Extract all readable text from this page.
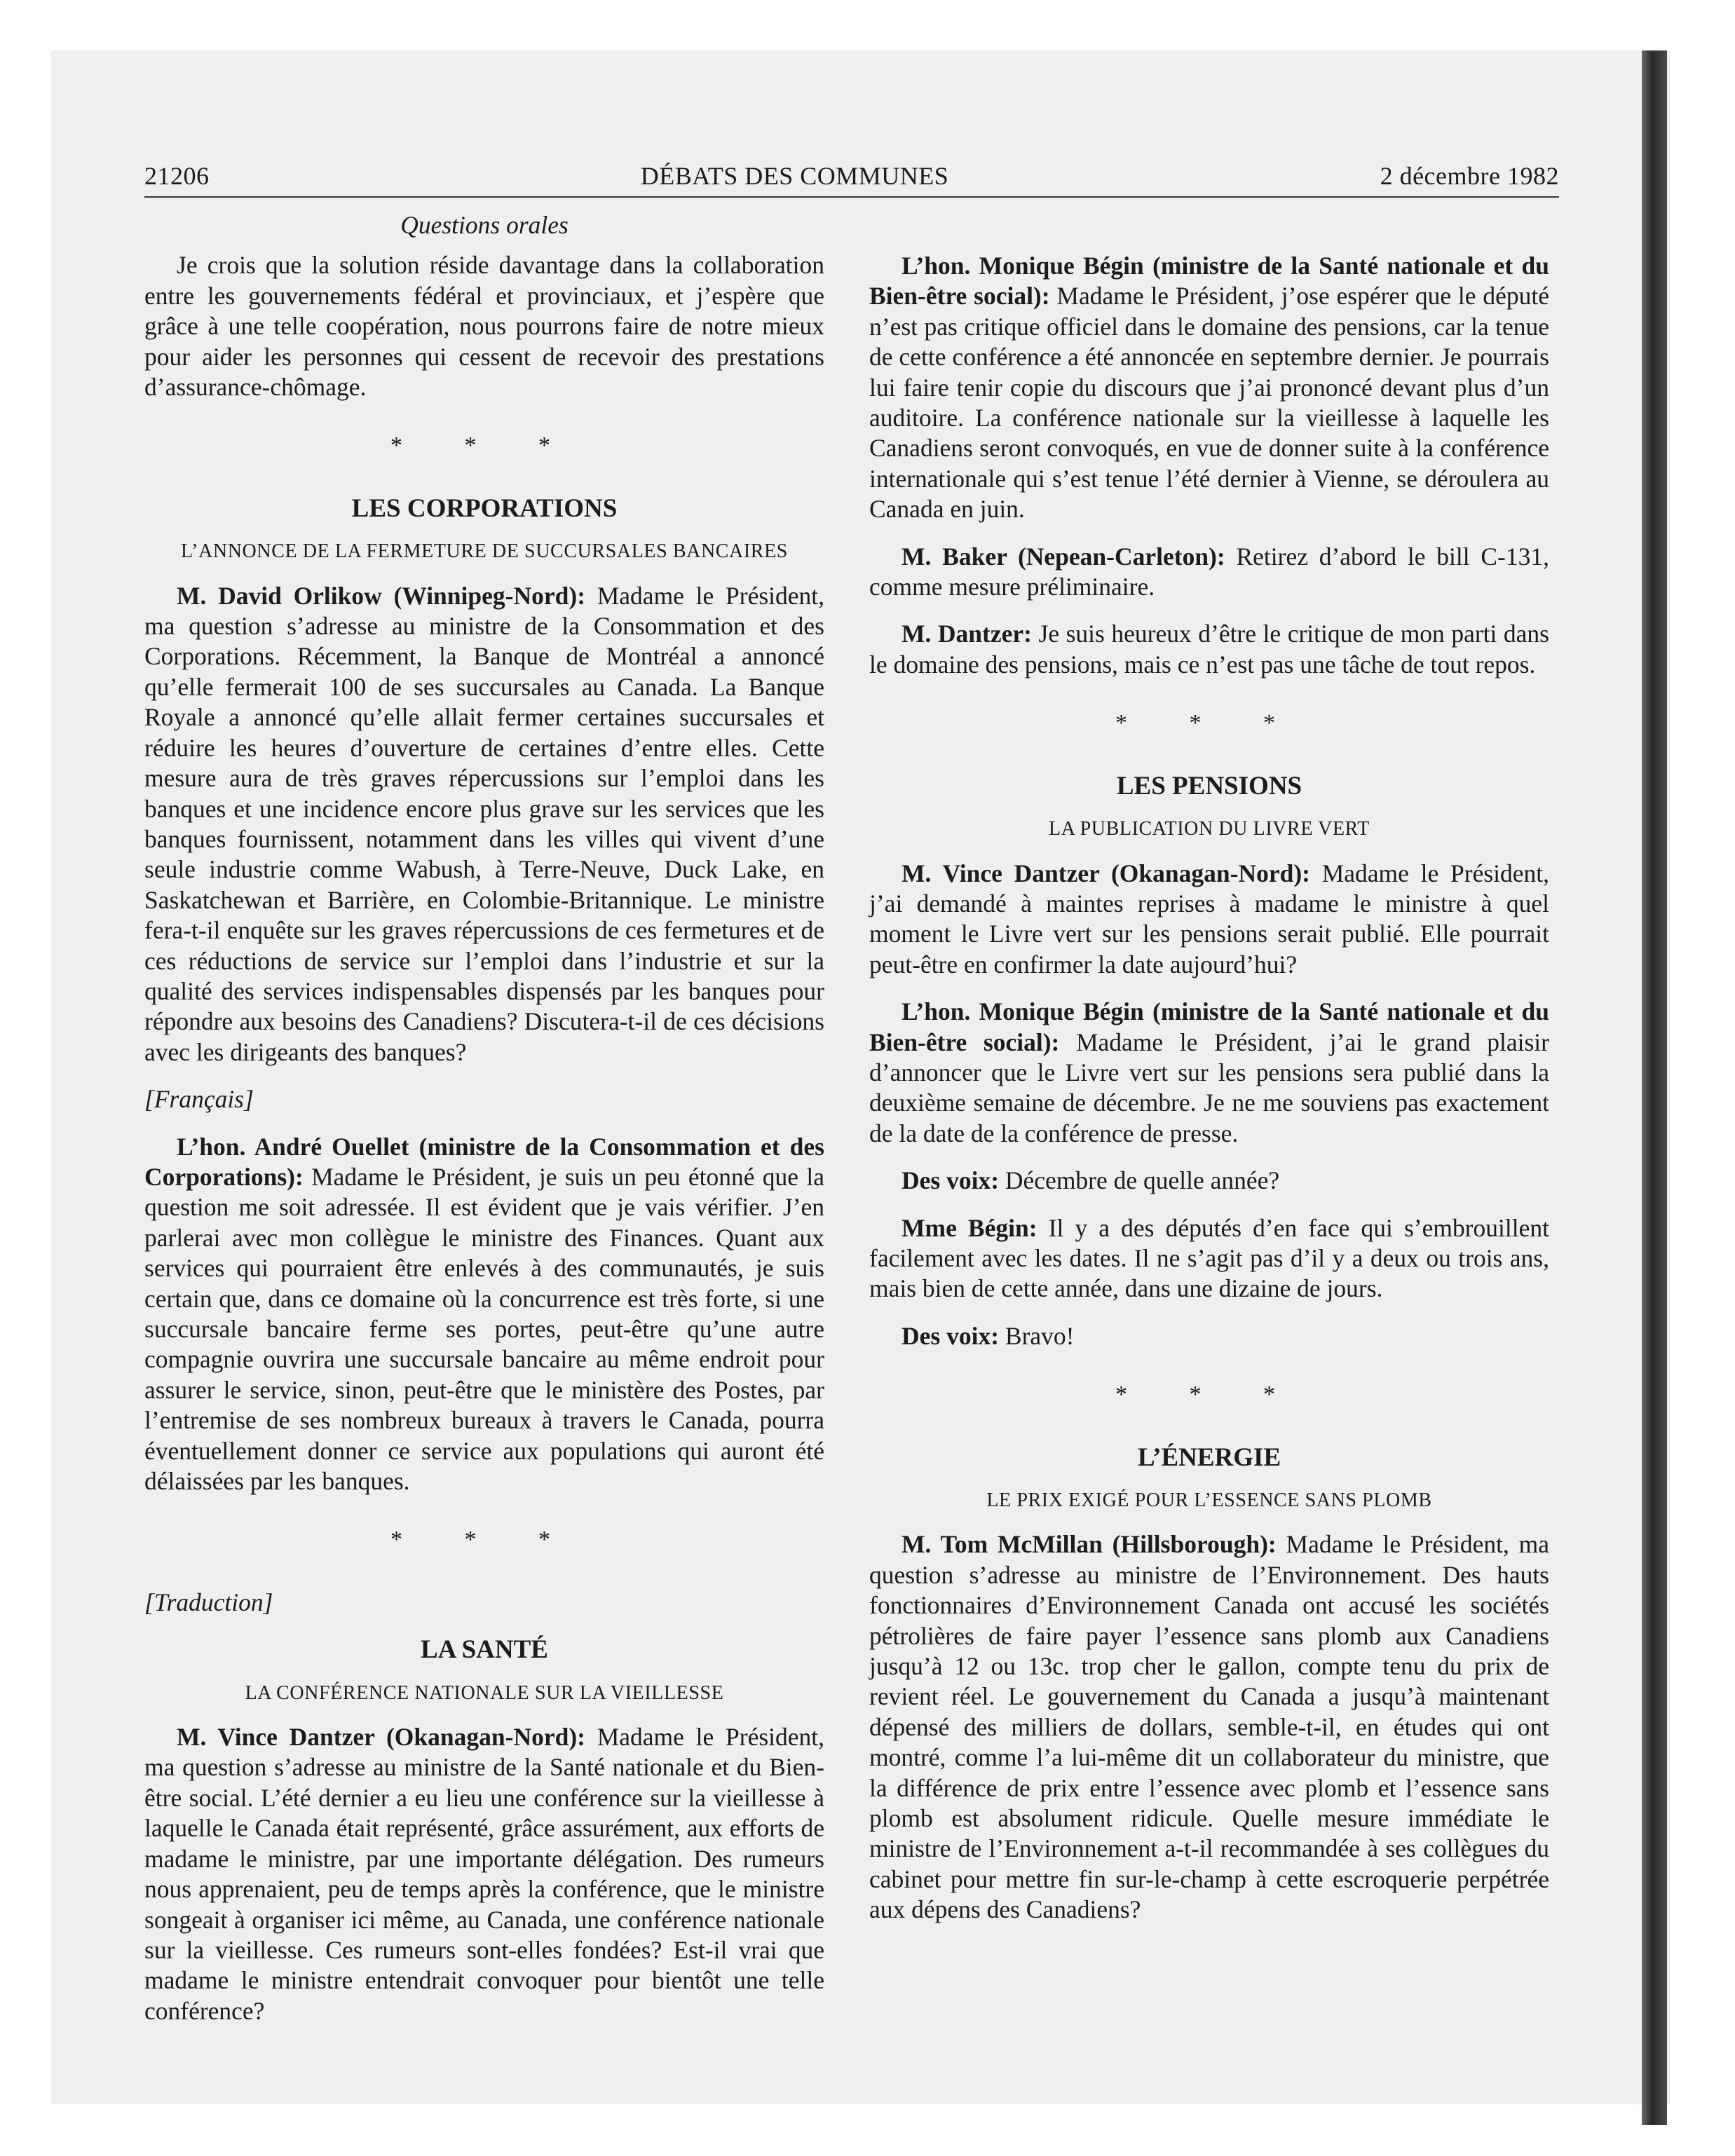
21206	DÉBATS DES COMMUNES	2 décembre 1982
Questions orales

Je crois que la solution réside davantage dans la collaboration entre les gouvernements fédéral et provinciaux, et j’espère que grâce à une telle coopération, nous pourrons faire de notre mieux pour aider les personnes qui cessent de recevoir des prestations d’assurance-chômage.

* * *
LES CORPORATIONS
L’ANNONCE DE LA FERMETURE DE SUCCURSALES BANCAIRES

M. David Orlikow (Winnipeg-Nord): Madame le Président, ma question s’adresse au ministre de la Consommation et des Corporations. Récemment, la Banque de Montréal a annoncé qu’elle fermerait 100 de ses succursales au Canada. La Banque Royale a annoncé qu’elle allait fermer certaines succursales et réduire les heures d’ouverture de certaines d’entre elles. Cette mesure aura de très graves répercussions sur l’emploi dans les banques et une incidence encore plus grave sur les services que les banques fournissent, notamment dans les villes qui vivent d’une seule industrie comme Wabush, à Terre-Neuve, Duck Lake, en Saskatchewan et Barrière, en Colombie-Britannique. Le ministre fera-t-il enquête sur les graves répercussions de ces fermetures et de ces réductions de service sur l’emploi dans l’industrie et sur la qualité des services indispensables dispensés par les banques pour répondre aux besoins des Canadiens? Discutera-t-il de ces décisions avec les dirigeants des banques?

[Français]

L’hon. André Ouellet (ministre de la Consommation et des Corporations): Madame le Président, je suis un peu étonné que la question me soit adressée. Il est évident que je vais vérifier. J’en parlerai avec mon collègue le ministre des Finances. Quant aux services qui pourraient être enlevés à des communautés, je suis certain que, dans ce domaine où la concurrence est très forte, si une succursale bancaire ferme ses portes, peut-être qu’une autre compagnie ouvrira une succursale bancaire au même endroit pour assurer le service, sinon, peut-être que le ministère des Postes, par l’entremise de ses nombreux bureaux à travers le Canada, pourra éventuellement donner ce service aux populations qui auront été délaissées par les banques.

* * *
[Traduction]
LA SANTÉ
LA CONFÉRENCE NATIONALE SUR LA VIEILLESSE

M. Vince Dantzer (Okanagan-Nord): Madame le Président, ma question s’adresse au ministre de la Santé nationale et du Bien-être social. L’été dernier a eu lieu une conférence sur la vieillesse à laquelle le Canada était représenté, grâce assurément, aux efforts de madame le ministre, par une importante délégation. Des rumeurs nous apprenaient, peu de temps après la conférence, que le ministre songeait à organiser ici même, au Canada, une conférence nationale sur la vieillesse. Ces rumeurs sont-elles fondées? Est-il vrai que madame le ministre entendrait convoquer pour bientôt une telle conférence?

L’hon. Monique Bégin (ministre de la Santé nationale et du Bien-être social): Madame le Président, j’ose espérer que le député n’est pas critique officiel dans le domaine des pensions, car la tenue de cette conférence a été annoncée en septembre dernier. Je pourrais lui faire tenir copie du discours que j’ai prononcé devant plus d’un auditoire. La conférence nationale sur la vieillesse à laquelle les Canadiens seront convoqués, en vue de donner suite à la conférence internationale qui s’est tenue l’été dernier à Vienne, se déroulera au Canada en juin.

M. Baker (Nepean-Carleton): Retirez d’abord le bill C-131, comme mesure préliminaire.

M. Dantzer: Je suis heureux d’être le critique de mon parti dans le domaine des pensions, mais ce n’est pas une tâche de tout repos.

* * *
LES PENSIONS
LA PUBLICATION DU LIVRE VERT

M. Vince Dantzer (Okanagan-Nord): Madame le Président, j’ai demandé à maintes reprises à madame le ministre à quel moment le Livre vert sur les pensions serait publié. Elle pourrait peut-être en confirmer la date aujourd’hui?

L’hon. Monique Bégin (ministre de la Santé nationale et du Bien-être social): Madame le Président, j’ai le grand plaisir d’annoncer que le Livre vert sur les pensions sera publié dans la deuxième semaine de décembre. Je ne me souviens pas exactement de la date de la conférence de presse.

Des voix: Décembre de quelle année?

Mme Bégin: Il y a des députés d’en face qui s’embrouillent facilement avec les dates. Il ne s’agit pas d’il y a deux ou trois ans, mais bien de cette année, dans une dizaine de jours.

Des voix: Bravo!

* * *
L’ÉNERGIE
LE PRIX EXIGÉ POUR L’ESSENCE SANS PLOMB

M. Tom McMillan (Hillsborough): Madame le Président, ma question s’adresse au ministre de l’Environnement. Des hauts fonctionnaires d’Environnement Canada ont accusé les sociétés pétrolières de faire payer l’essence sans plomb aux Canadiens jusqu’à 12 ou 13c. trop cher le gallon, compte tenu du prix de revient réel. Le gouvernement du Canada a jusqu’à maintenant dépensé des milliers de dollars, semble-t-il, en études qui ont montré, comme l’a lui-même dit un collaborateur du ministre, que la différence de prix entre l’essence avec plomb et l’essence sans plomb est absolument ridicule. Quelle mesure immédiate le ministre de l’Environnement a-t-il recommandée à ses collègues du cabinet pour mettre fin sur-le-champ à cette escroquerie perpétrée aux dépens des Canadiens?
